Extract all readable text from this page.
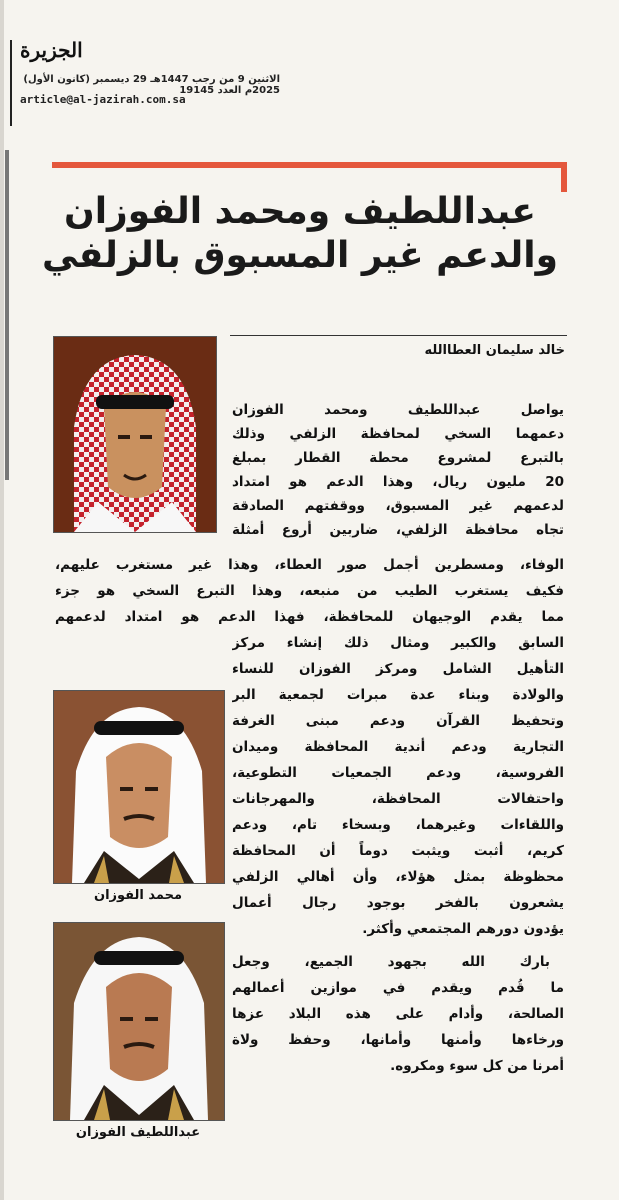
الجزيرة
الاثنين 9 من رجب 1447هـ 29 ديسمبر (كانون الأول) 2025م العدد 19145
article@al-jazirah.com.sa
عبداللطيف ومحمد الفوزان
والدعم غير المسبوق بالزلفي
خالد سليمان العطاالله
يواصل عبداللطيف ومحمد الفوزان
دعمهما السخي لمحافظة الزلفي وذلك
بالتبرع لمشروع محطة القطار بمبلغ
20 مليون ريال، وهذا الدعم هو امتداد
لدعمهم غير المسبوق، ووقفتهم الصادقة
تجاه محافظة الزلفي، ضاربين أروع أمثلة
الوفاء، ومسطرين أجمل صور العطاء، وهذا غير مستغرب عليهم،
فكيف يستغرب الطيب من منبعه، وهذا التبرع السخي هو جزء
مما يقدم الوجيهان للمحافظة، فهذا الدعم هو امتداد لدعمهم
السابق والكبير ومثال ذلك إنشاء مركز
التأهيل الشامل ومركز الفوزان للنساء
والولادة وبناء عدة مبرات لجمعية البر
وتحفيظ القرآن ودعم مبنى الغرفة
التجارية ودعم أندية المحافظة وميدان
الفروسية، ودعم الجمعيات التطوعية،
واحتفالات المحافظة، والمهرجانات
واللقاءات وغيرهما، وبسخاء تام، ودعم
كريم، أثبت ويثبت دوماً أن المحافظة
محظوظة بمثل هؤلاء، وأن أهالي الزلفي
يشعرون بالفخر بوجود رجال أعمال
يؤدون دورهم المجتمعي وأكثر.
بارك الله بجهود الجميع، وجعل
ما قُدم ويقدم في موازين أعمالهم
الصالحة، وأدام على هذه البلاد عزها
ورخاءها وأمنها وأمانها، وحفظ ولاة
أمرنا من كل سوء ومكروه.
محمد الفوزان
عبداللطيف الفوزان
